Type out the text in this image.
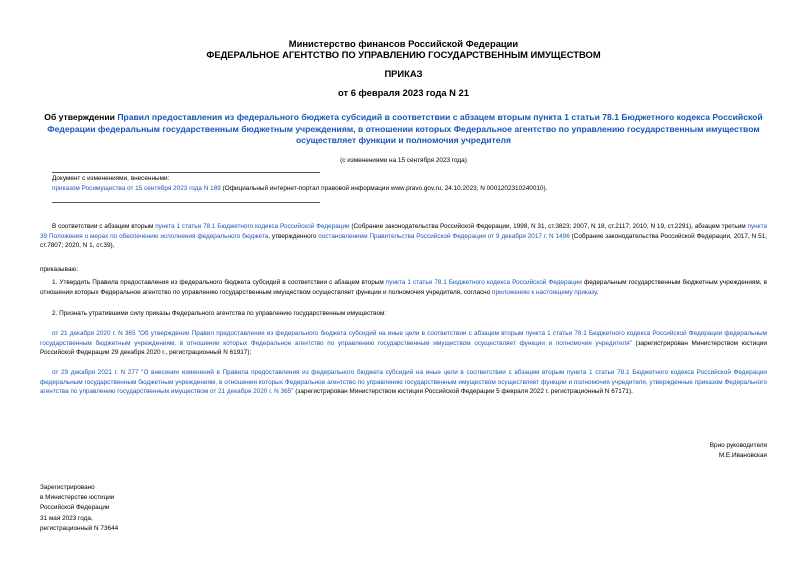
Министерство финансов Российской Федерации
ФЕДЕРАЛЬНОЕ АГЕНТСТВО ПО УПРАВЛЕНИЮ ГОСУДАРСТВЕННЫМ ИМУЩЕСТВОМ
ПРИКАЗ
от 6 февраля 2023 года N 21
Об утверждении Правил предоставления из федерального бюджета субсидий в соответствии с абзацем вторым пункта 1 статьи 78.1 Бюджетного кодекса Российской Федерации федеральным государственным бюджетным учреждениям, в отношении которых Федеральное агентство по управлению государственным имуществом осуществляет функции и полномочия учредителя
(с изменениями на 15 сентября 2023 года)
Документ с изменениями, внесенными:
приказом Росимущества от 15 сентября 2023 года N 189 (Официальный интернет-портал правовой информации www.pravo.gov.ru, 24.10.2023, N 0001202310240010).

В соответствии с абзацем вторым пункта 1 статьи 78.1 Бюджетного кодекса Российской Федерации (Собрание законодательства Российской Федерации, 1998, N 31, ст.3823; 2007, N 18, ст.2117; 2010, N 19, ст.2291), абзацем третьим пункта 39 Положения о мерах по обеспечению исполнения федерального бюджета, утвержденного постановлением Правительства Российской Федерации от 9 декабря 2017 г. N 1496 (Собрание законодательства Российской Федерации, 2017, N 51, ст.7807; 2020, N 1, ст.39),

приказываю:

1. Утвердить Правила предоставления из федерального бюджета субсидий в соответствии с абзацем вторым пункта 1 статьи 78.1 Бюджетного кодекса Российской Федерации федеральным государственным бюджетным учреждениям, в отношении которых Федеральное агентство по управлению государственным имуществом осуществляет функции и полномочия учредителя, согласно приложению к настоящему приказу.

2. Признать утратившими силу приказы Федерального агентства по управлению государственным имуществом:

от 21 декабря 2020 г. N 365 "Об утверждении Правил предоставления из федерального бюджета субсидий на иные цели в соответствии с абзацем вторым пункта 1 статьи 78.1 Бюджетного кодекса Российской Федерации федеральным государственным бюджетным учреждениям, в отношении которых Федеральное агентство по управлению государственным имуществом осуществляет функции и полномочия учредителя" (зарегистрирован Министерством юстиции Российской Федерации 29 декабря 2020 г., регистрационный N 61917);

от 29 декабря 2021 г. N 277 "О внесении изменений в Правила предоставления из федерального бюджета субсидий на иные цели в соответствии с абзацем вторым пункта 1 статьи 78.1 Бюджетного кодекса Российской Федерации федеральным государственным бюджетным учреждениям, в отношении которых Федеральное агентство по управлению государственным имуществом осуществляет функции и полномочия учредителя, утвержденные приказом Федерального агентства по управлению государственным имуществом от 21 декабря 2020 г. N 365" (зарегистрирован Министерством юстиции Российской Федерации 5 февраля 2022 г. регистрационный N 67171).

Врио руководителя
М.Е.Ивановская
Зарегистрировано
в Министерстве юстиции
Российской Федерации
31 мая 2023 года,
регистрационный N 73644
